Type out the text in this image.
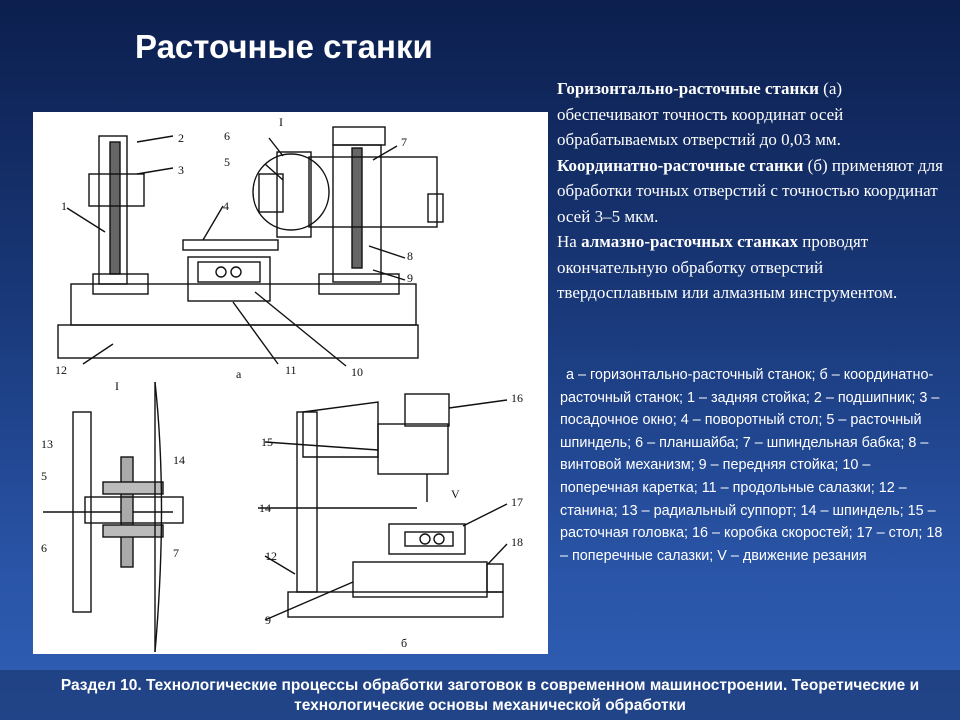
Расточные станки
2
3
1	4
6
5
I
7
8
9
12	11	10
а
13
5
6
14
7
16
15
14
V
17
18
12
9
б
I
Горизонтально-расточные станки (а) обеспечивают точность координат осей обрабатываемых отверстий до 0,03 мм.
Координатно-расточные станки (б) применяют для обработки точных отверстий с точностью координат осей 3–5 мкм.
На алмазно-расточных станках проводят окончательную обработку отверстий твердосплавным или алмазным инструментом.
а – горизонтально-расточный станок; б – координатно- расточный станок; 1 – задняя стойка; 2 – подшипник; 3 – посадочное окно; 4 – поворотный стол; 5 – расточный шпиндель; 6 – планшайба; 7 – шпиндельная бабка; 8 – винтовой механизм; 9 – передняя стойка; 10 – поперечная каретка; 11 – продольные салазки; 12 – станина; 13 – радиальный суппорт; 14 – шпиндель; 15 – расточная головка; 16 – коробка скоростей; 17 – стол; 18 – поперечные салазки; V – движение резания
Раздел 10. Технологические процессы обработки заготовок в современном машиностроении. Теоретические и технологические основы механической обработки
